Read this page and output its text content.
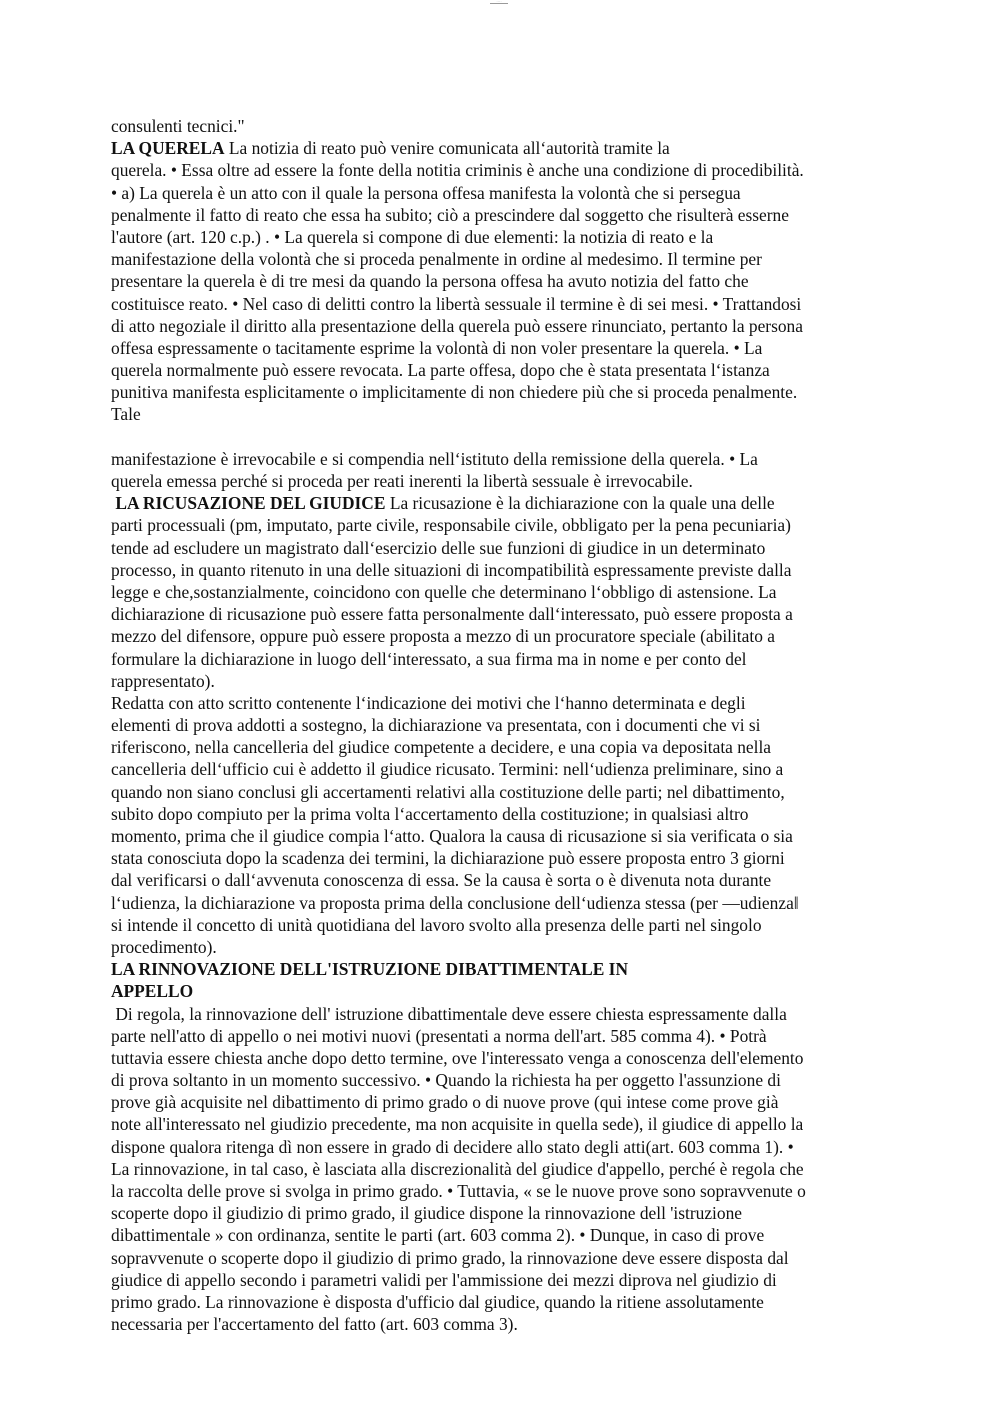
····
consulenti tecnici."
LA QUERELA La notizia di reato può venire comunicata all‘autorità tramite la
querela. • Essa oltre ad essere la fonte della notitia criminis è anche una condizione di procedibilità.
• a) La querela è un atto con il quale la persona offesa manifesta la volontà che si persegua
penalmente il fatto di reato che essa ha subito; ciò a prescindere dal soggetto che risulterà esserne
l'autore (art. 120 c.p.) . • La querela si compone di due elementi: la notizia di reato e la
manifestazione della volontà che si proceda penalmente in ordine al medesimo. Il termine per
presentare la querela è di tre mesi da quando la persona offesa ha avuto notizia del fatto che
costituisce reato. • Nel caso di delitti contro la libertà sessuale il termine è di sei mesi. • Trattandosi
di atto negoziale il diritto alla presentazione della querela può essere rinunciato, pertanto la persona
offesa espressamente o tacitamente esprime la volontà di non voler presentare la querela. • La
querela normalmente può essere revocata. La parte offesa, dopo che è stata presentata l‘istanza
punitiva manifesta esplicitamente o implicitamente di non chiedere più che si proceda penalmente.
Tale
manifestazione è irrevocabile e si compendia nell‘istituto della remissione della querela. • La
querela emessa perché si proceda per reati inerenti la libertà sessuale è irrevocabile.
LA RICUSAZIONE DEL GIUDICE La ricusazione è la dichiarazione con la quale una delle
parti processuali (pm, imputato, parte civile, responsabile civile, obbligato per la pena pecuniaria)
tende ad escludere un magistrato dall‘esercizio delle sue funzioni di giudice in un determinato
processo, in quanto ritenuto in una delle situazioni di incompatibilità espressamente previste dalla
legge e che,sostanzialmente, coincidono con quelle che determinano l‘obbligo di astensione. La
dichiarazione di ricusazione può essere fatta personalmente dall‘interessato, può essere proposta a
mezzo del difensore, oppure può essere proposta a mezzo di un procuratore speciale (abilitato a
formulare la dichiarazione in luogo dell‘interessato, a sua firma ma in nome e per conto del
rappresentato).
Redatta con atto scritto contenente l‘indicazione dei motivi che l‘hanno determinata e degli
elementi di prova addotti a sostegno, la dichiarazione va presentata, con i documenti che vi si
riferiscono, nella cancelleria del giudice competente a decidere, e una copia va depositata nella
cancelleria dell‘ufficio cui è addetto il giudice ricusato. Termini: nell‘udienza preliminare, sino a
quando non siano conclusi gli accertamenti relativi alla costituzione delle parti; nel dibattimento,
subito dopo compiuto per la prima volta l‘accertamento della costituzione; in qualsiasi altro
momento, prima che il giudice compia l‘atto. Qualora la causa di ricusazione si sia verificata o sia
stata conosciuta dopo la scadenza dei termini, la dichiarazione può essere proposta entro 3 giorni
dal verificarsi o dall‘avvenuta conoscenza di essa. Se la causa è sorta o è divenuta nota durante
l‘udienza, la dichiarazione va proposta prima della conclusione dell‘udienza stessa (per ―udienza‖
si intende il concetto di unità quotidiana del lavoro svolto alla presenza delle parti nel singolo
procedimento).
LA RINNOVAZIONE DELL'ISTRUZIONE DIBATTIMENTALE IN
APPELLO
Di regola, la rinnovazione dell' istruzione dibattimentale deve essere chiesta espressamente dalla
parte nell'atto di appello o nei motivi nuovi (presentati a norma dell'art. 585 comma 4). • Potrà
tuttavia essere chiesta anche dopo detto termine, ove l'interessato venga a conoscenza dell'elemento
di prova soltanto in un momento successivo. • Quando la richiesta ha per oggetto l'assunzione di
prove già acquisite nel dibattimento di primo grado o di nuove prove (qui intese come prove già
note all'interessato nel giudizio precedente, ma non acquisite in quella sede), il giudice di appello la
dispone qualora ritenga dì non essere in grado di decidere allo stato degli atti(art. 603 comma 1). •
La rinnovazione, in tal caso, è lasciata alla discrezionalità del giudice d'appello, perché è regola che
la raccolta delle prove si svolga in primo grado. • Tuttavia, « se le nuove prove sono sopravvenute o
scoperte dopo il giudizio di primo grado, il giudice dispone la rinnovazione dell 'istruzione
dibattimentale » con ordinanza, sentite le parti (art. 603 comma 2). • Dunque, in caso di prove
sopravvenute o scoperte dopo il giudizio di primo grado, la rinnovazione deve essere disposta dal
giudice di appello secondo i parametri validi per l'ammissione dei mezzi diprova nel giudizio di
primo grado. La rinnovazione è disposta d'ufficio dal giudice, quando la ritiene assolutamente
necessaria per l'accertamento del fatto (art. 603 comma 3).
